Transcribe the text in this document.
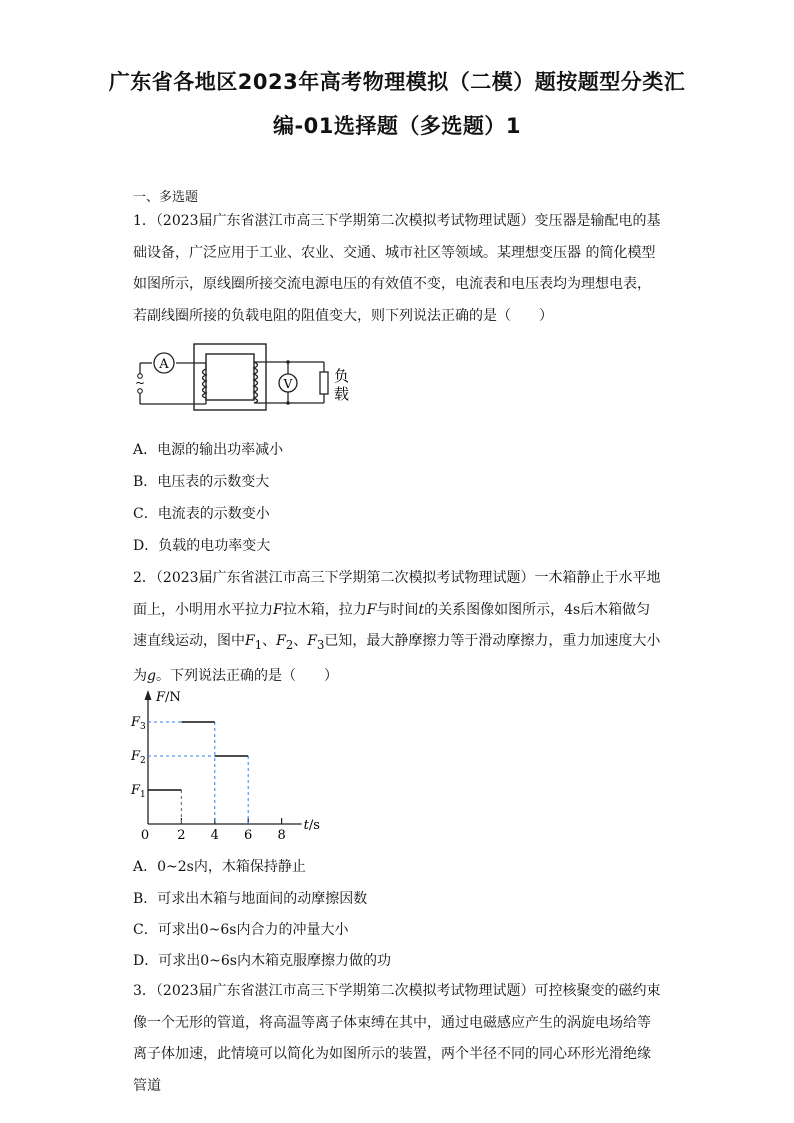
广东省各地区2023年高考物理模拟（二模）题按题型分类汇
编-01选择题（多选题）1
一、多选题
1．（2023届广东省湛江市高三下学期第二次模拟考试物理试题）变压器是输配电的基础设备，广泛应用于工业、农业、交通、城市社区等领域。某理想变压器 的简化模型如图所示，原线圈所接交流电源电压的有效值不变，电流表和电压表均为理想电表，若副线圈所接的负载电阻的阻值变大，则下列说法正确的是（　　）
A
V
~	负
载
A．电源的输出功率减小
B．电压表的示数变大
C．电流表的示数变小
D．负载的电功率变大
2．（2023届广东省湛江市高三下学期第二次模拟考试物理试题）一木箱静止于水平地面上，小明用水平拉力F拉木箱，拉力F与时间t的关系图像如图所示，4s后木箱做匀速直线运动，图中$F_1$、$F_2$、$F_3$已知，最大静摩擦力等于滑动摩擦力，重力加速度大小为g。下列说法正确的是（　　）
F/N
t/s
0 2 4 6 8
$F_1$
$F_2$
$F_3$
A．0~2s内，木箱保持静止
B．可求出木箱与地面间的动摩擦因数
C．可求出0~6s内合力的冲量大小
D．可求出0~6s内木箱克服摩擦力做的功
3．（2023届广东省湛江市高三下学期第二次模拟考试物理试题）可控核聚变的磁约束像一个无形的管道，将高温等离子体束缚在其中，通过电磁感应产生的涡旋电场给等离子体加速，此情境可以简化为如图所示的装置，两个半径不同的同心环形光滑绝缘管道
